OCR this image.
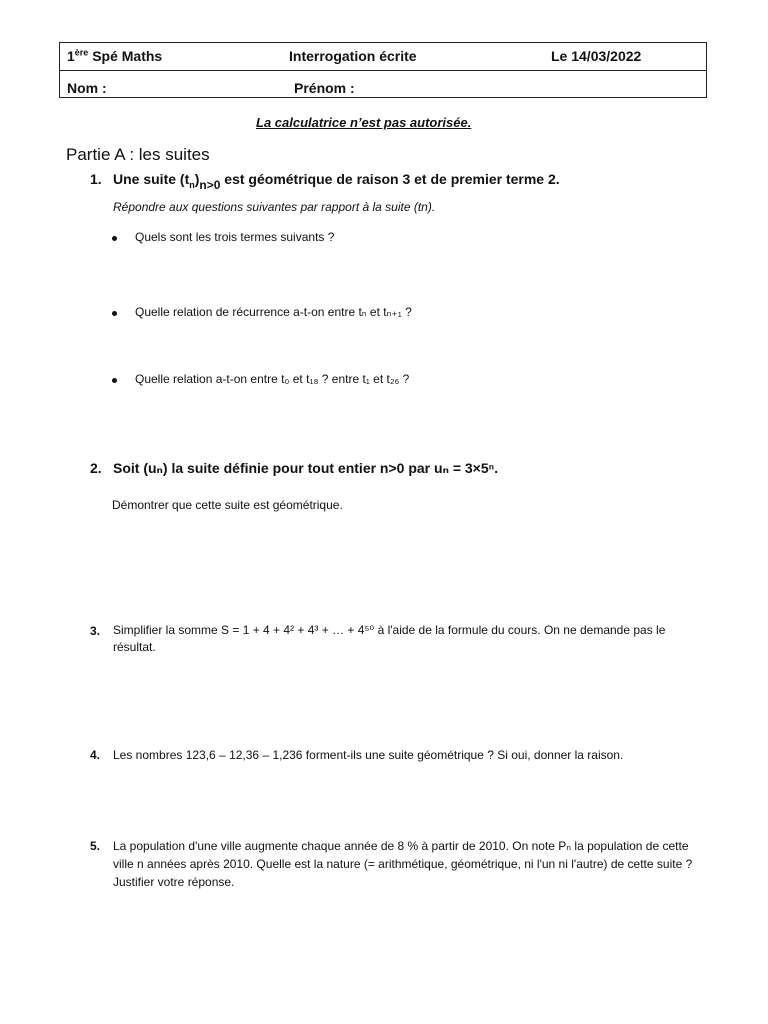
1ère Spé Maths	Interrogation écrite	Le 14/03/2022
Nom :	Prénom :
La calculatrice n’est pas autorisée.
Partie A : les suites
1. Une suite $(t_n)n>0$ est géométrique de raison 3 et de premier terme 2.
Répondre aux questions suivantes par rapport à la suite (tn).
Quels sont les trois termes suivants ?
Quelle relation de récurrence a-t-on entre tₙ et tₙ₊₁ ?
Quelle relation a-t-on entre t₀ et t₁₈ ? entre t₁ et t₂₆ ?
2. Soit (uₙ) la suite définie pour tout entier n>0 par uₙ = 3×5ⁿ.
Démontrer que cette suite est géométrique.
3. Simplifier la somme S = 1 + 4 + 4² + 4³ + … + 4⁵⁰ à l'aide de la formule du cours. On ne demande pas le résultat.
4. Les nombres 123,6 – 12,36 – 1,236 forment-ils une suite géométrique ? Si oui, donner la raison.
5. La population d'une ville augmente chaque année de 8 % à partir de 2010. On note Pₙ la population de cette ville n années après 2010. Quelle est la nature (= arithmétique, géométrique, ni l'un ni l'autre) de cette suite ? Justifier votre réponse.
